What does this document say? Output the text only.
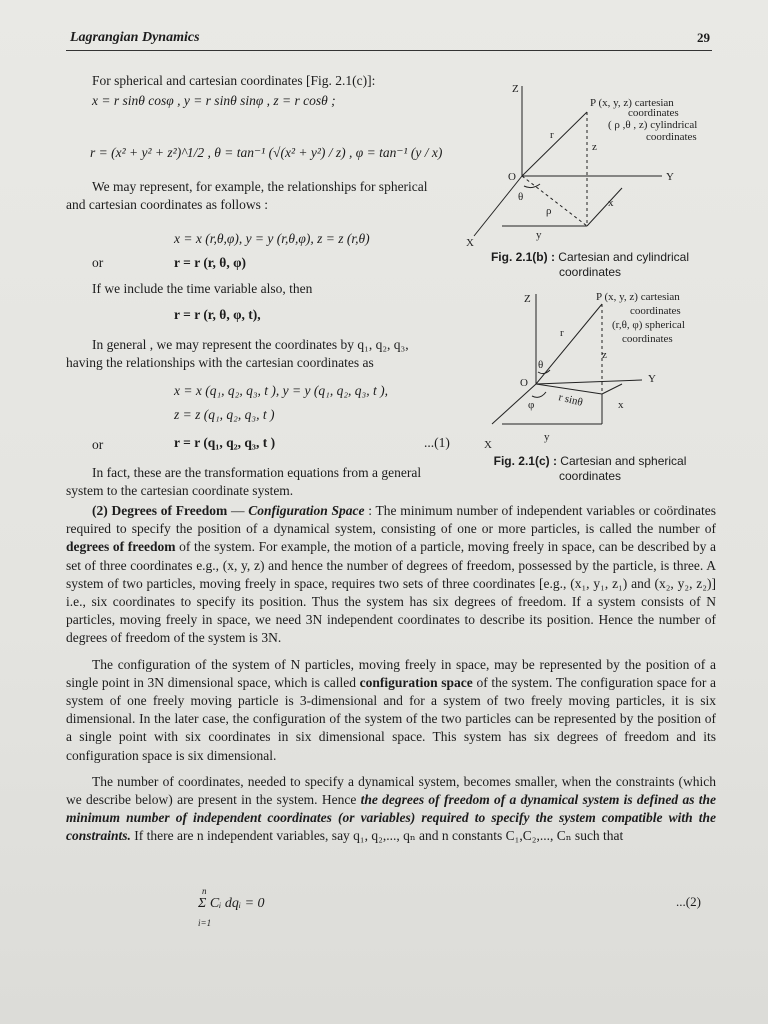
Lagrangian Dynamics	29
For spherical and cartesian coordinates [Fig. 2.1(c)]:
x = r sinθ cosφ , y = r sinθ sinφ , z = r cosθ ;
r = (x² + y² + z²)^1/2 , θ = tan⁻¹ (√(x² + y²) / z) , φ = tan⁻¹ (y / x)
We may represent, for example, the relationships for spherical
and cartesian coordinates as follows :
x = x (r,θ,φ), y = y (r,θ,φ), z = z (r,θ)
or	r = r (r, θ, φ)
If we include the time variable also, then
r = r (r, θ, φ, t),
In general , we may represent the coordinates by q₁, q₂, q₃,
having the relationships with the cartesian coordinates as
x = x (q₁, q₂, q₃, t ), y = y (q₁, q₂, q₃, t ),
z = z (q₁, q₂, q₃, t )
or	r = r (q₁, q₂, q₃, t )	...(1)
In fact, these are the transformation equations from a general
system to the cartesian coordinate system.
Z
O
X
Y
r
z
θ
ρ
x
y
P (x, y, z) cartesian
coordinates
( ρ ,θ , z) cylindrical
coordinates
Fig. 2.1(b) : Cartesian and cylindrical coordinates
Z
O
X
Y
r
z
θ
φ r sinθ	x
y
P (x, y, z) cartesian
coordinates
(r,θ, φ) spherical
coordinates
Fig. 2.1(c) : Cartesian and spherical coordinates

(2) Degrees of Freedom — Configuration Space : The minimum number of independent variables or coördinates required to specify the position of a dynamical system, consisting of one or more particles, is called the number of degrees of freedom of the system. For example, the motion of a particle, moving freely in space, can be described by a set of three coordinates e.g., (x, y, z) and hence the number of degrees of freedom, possessed by the particle, is three. A system of two particles, moving freely in space, requires two sets of three coordinates [e.g., (x₁, y₁, z₁) and (x₂, y₂, z₂)] i.e., six coordinates to specify its position. Thus the system has six degrees of freedom. If a system consists of N particles, moving freely in space, we need 3N independent coordinates to describe its position. Hence the number of degrees of freedom of the system is 3N.

The configuration of the system of N particles, moving freely in space, may be represented by the position of a single point in 3N dimensional space, which is called configuration space of the system. The configuration space for a system of one freely moving particle is 3-dimensional and for a system of two freely moving particles, it is six dimensional. In the later case, the configuration of the system of the two particles can be represented by the position of a single point with six coordinates in six dimensional space. This system has six degrees of freedom and its configuration space is six dimensional.

The number of coordinates, needed to specify a dynamical system, becomes smaller, when the constraints (which we describe below) are present in the system. Hence the degrees of freedom of a dynamical system is defined as the minimum number of independent coordinates (or variables) required to specify the system compatible with the constraints. If there are n independent variables, say q₁, q₂,..., qₙ and n constants C₁,C₂,..., Cₙ such that

n
Σ Cᵢ dqᵢ = 0
i=1
...(2)
